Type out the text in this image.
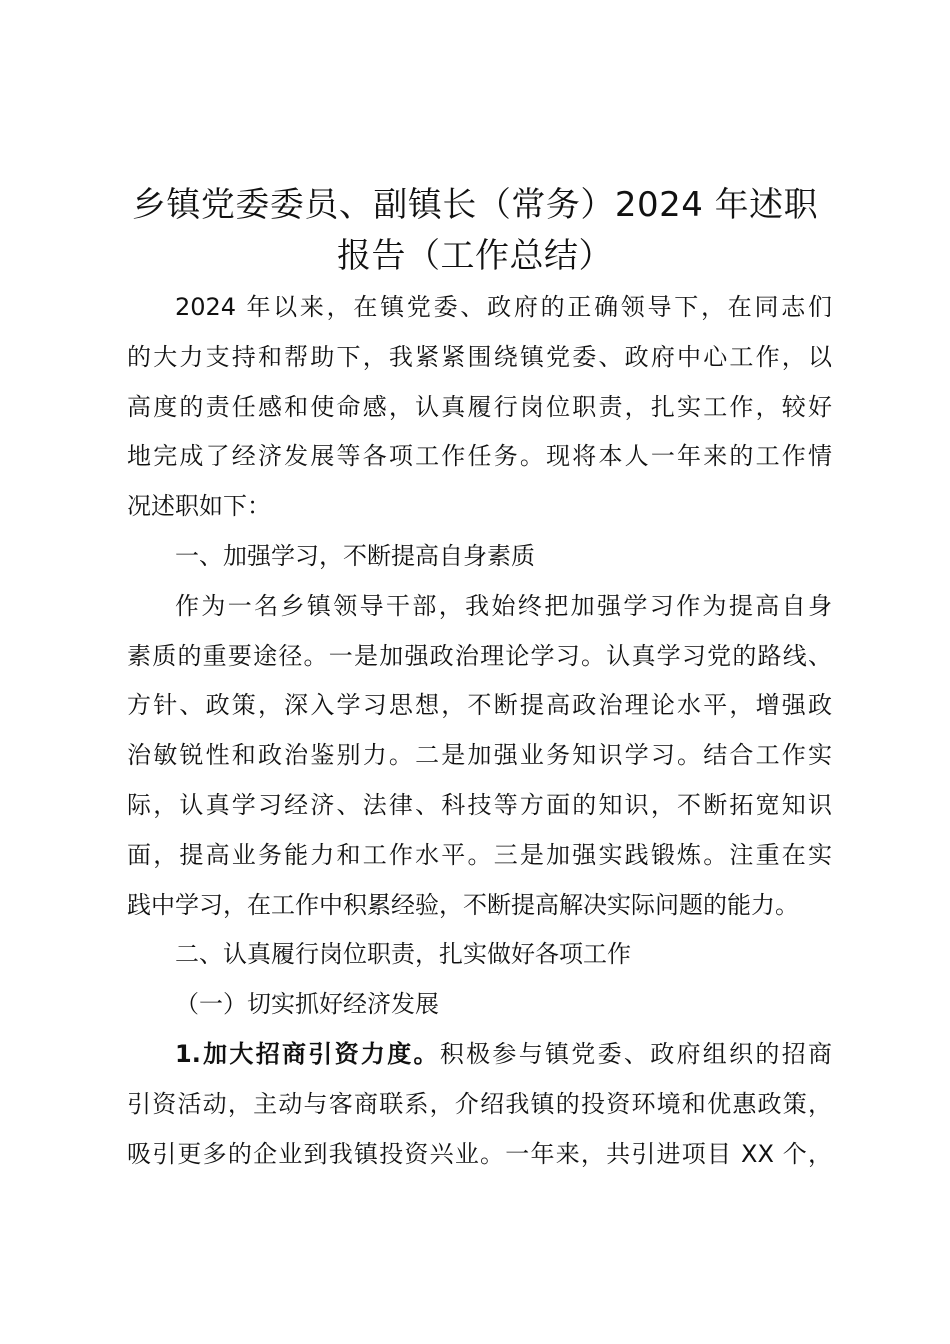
乡镇党委委员、副镇长（常务）2024 年述职
报告（工作总结）
2024 年以来，在镇党委、政府的正确领导下，在同志们
的大力支持和帮助下，我紧紧围绕镇党委、政府中心工作，以
高度的责任感和使命感，认真履行岗位职责，扎实工作，较好
地完成了经济发展等各项工作任务。现将本人一年来的工作情
况述职如下：
一、加强学习，不断提高自身素质
作为一名乡镇领导干部，我始终把加强学习作为提高自身
素质的重要途径。一是加强政治理论学习。认真学习党的路线、
方针、政策，深入学习思想，不断提高政治理论水平，增强政
治敏锐性和政治鉴别力。二是加强业务知识学习。结合工作实
际，认真学习经济、法律、科技等方面的知识，不断拓宽知识
面，提高业务能力和工作水平。三是加强实践锻炼。注重在实
践中学习，在工作中积累经验，不断提高解决实际问题的能力。
二、认真履行岗位职责，扎实做好各项工作
（一）切实抓好经济发展
1.加大招商引资力度。积极参与镇党委、政府组织的招商
引资活动，主动与客商联系，介绍我镇的投资环境和优惠政策，
吸引更多的企业到我镇投资兴业。一年来，共引进项目 XX 个，
